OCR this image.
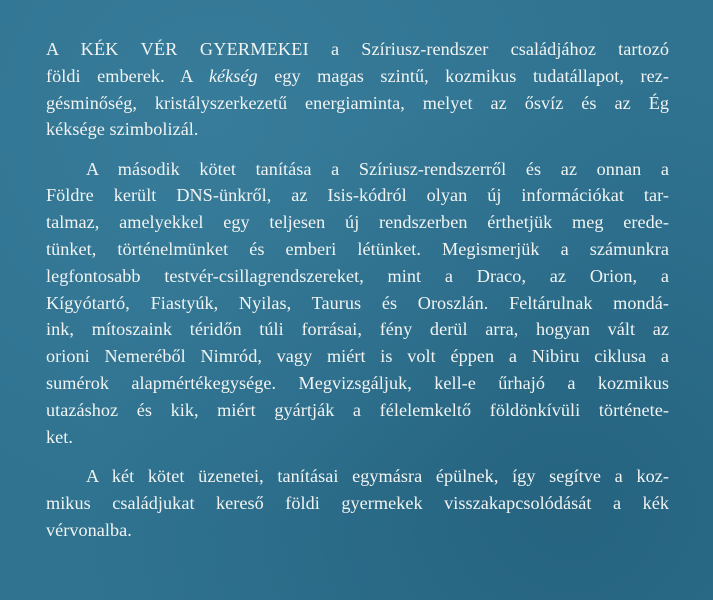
A KÉK VÉR GYERMEKEI a Szíriusz-rendszer családjához tartozó
földi emberek. A kékség egy magas szintű, kozmikus tudatállapot, rez-
gésminőség, kristályszerkezetű energiaminta, melyet az ősvíz és az Ég
kéksége szimbolizál.
A második kötet tanítása a Szíriusz-rendszerről és az onnan a
Földre került DNS-ünkről, az Isis-kódról olyan új információkat tar-
talmaz, amelyekkel egy teljesen új rendszerben érthetjük meg erede-
tünket, történelmünket és emberi létünket. Megismerjük a számunkra
legfontosabb testvér-csillagrendszereket, mint a Draco, az Orion, a
Kígyótartó, Fiastyúk, Nyilas, Taurus és Oroszlán. Feltárulnak mondá-
ink, mítoszaink téridőn túli forrásai, fény derül arra, hogyan vált az
orioni Nemeréből Nimród, vagy miért is volt éppen a Nibiru ciklusa a
sumérok alapmértékegysége. Megvizsgáljuk, kell-e űrhajó a kozmikus
utazáshoz és kik, miért gyártják a félelemkeltő földönkívüli története-
ket.
A két kötet üzenetei, tanításai egymásra épülnek, így segítve a koz-
mikus családjukat kereső földi gyermekek visszakapcsolódását a kék
vérvonalba.
